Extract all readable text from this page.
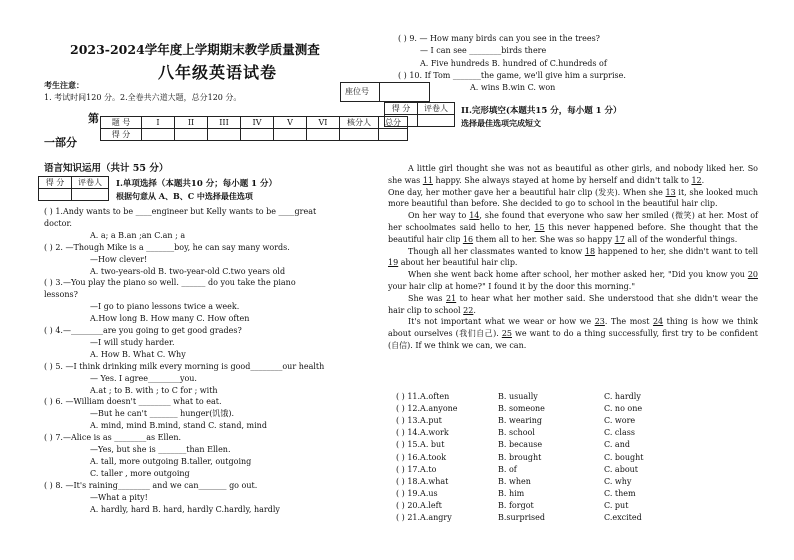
2023-2024学年度上学期期末教学质量测查
八年级英语试卷
考生注意：
1. 考试时间120 分。2.全卷共六道大题，总分120 分。
座位号
第
一部分
题 号	I	II	III	IV	V	VI	核分人	总分
得 分								
语言知识运用（共计 55 分）
得 分	评卷人
	I.单项选择（本题共10 分；每小题 1 分）
根据句意从 A、B、C 中选择最佳选项
( ) 1.Andy wants to be ____engineer but Kelly wants to be ____great
doctor.
A. a; a B.an ;an C.an ; a
( ) 2. —Though Mike is a _______boy, he can say many words.
—How clever!
A. two-years-old B. two-year-old C.two years old
( ) 3.—You play the piano so well. ______ do you take the piano
lessons?
—I go to piano lessons twice a week.
A.How long B. How many C. How often
( ) 4.—________are you going to get good grades?
—I will study harder.
A. How B. What C. Why
( ) 5. —I think drinking milk every morning is good________our health
— Yes. I agree________you.
A.at ; to B. with ; to C for ; with
( ) 6. —William doesn't ________ what to eat.
—But he can't _______ hunger(饥饿).
A. mind, mind B.mind, stand C. stand, mind
( ) 7.—Alice is as ________as Ellen.
—Yes, but she is _______than Ellen.
A. tall, more outgoing B.taller, outgoing
C. taller , more outgoing
( ) 8. —It's raining________ and we can_______ go out.
—What a pity!
A. hardly, hard B. hard, hardly C.hardly, hardly
( ) 9. — How many birds can you see in the trees?
— I can see ________birds there
A. Five hundreds B. hundred of C.hundreds of
( ) 10. If Tom _______the game, we'll give him a surprise.
A. wins B.win C. won
得 分	评卷人
	II.完形填空(本题共15 分，每小题 1 分）
选择最佳选项完成短文

A little girl thought she was not as beautiful as other girls, and nobody liked her. So she was 11 happy. She always stayed at home by herself and didn't talk to 12.

One day, her mother gave her a beautiful hair clip (发夹). When she 13 it, she looked much more beautiful than before. She decided to go to school in the beautiful hair clip.

On her way to 14, she found that everyone who saw her smiled (微笑) at her. Most of her schoolmates said hello to her, 15 this never happened before. She thought that the beautiful hair clip 16 them all to her. She was so happy 17 all of the wonderful things.

Though all her classmates wanted to know 18 happened to her, she didn't want to tell 19 about her beautiful hair clip.

When she went back home after school, her mother asked her, "Did you know you 20 your hair clip at home?" I found it by the door this morning."

She was 21 to hear what her mother said. She understood that she didn't wear the hair clip to school 22.

It's not important what we wear or how we 23. The most 24 thing is how we think about ourselves (我们自己). 25 we want to do a thing successfully, first try to be confident (自信). If we think we can, we can.

( ) 11.A.often	B. usually	C. hardly
( ) 12.A.anyone	B. someone	C. no one
( ) 13.A.put	B. wearing	C. wore
( ) 14.A.work	B. school	C. class
( ) 15.A. but	B. because	C. and
( ) 16.A.took	B. brought	C. bought
( ) 17.A.to	B. of	C. about
( ) 18.A.what	B. when	C. why
( ) 19.A.us	B. him	C. them
( ) 20.A.left	B. forgot	C. put
( ) 21.A.angry	B.surprised	C.excited
